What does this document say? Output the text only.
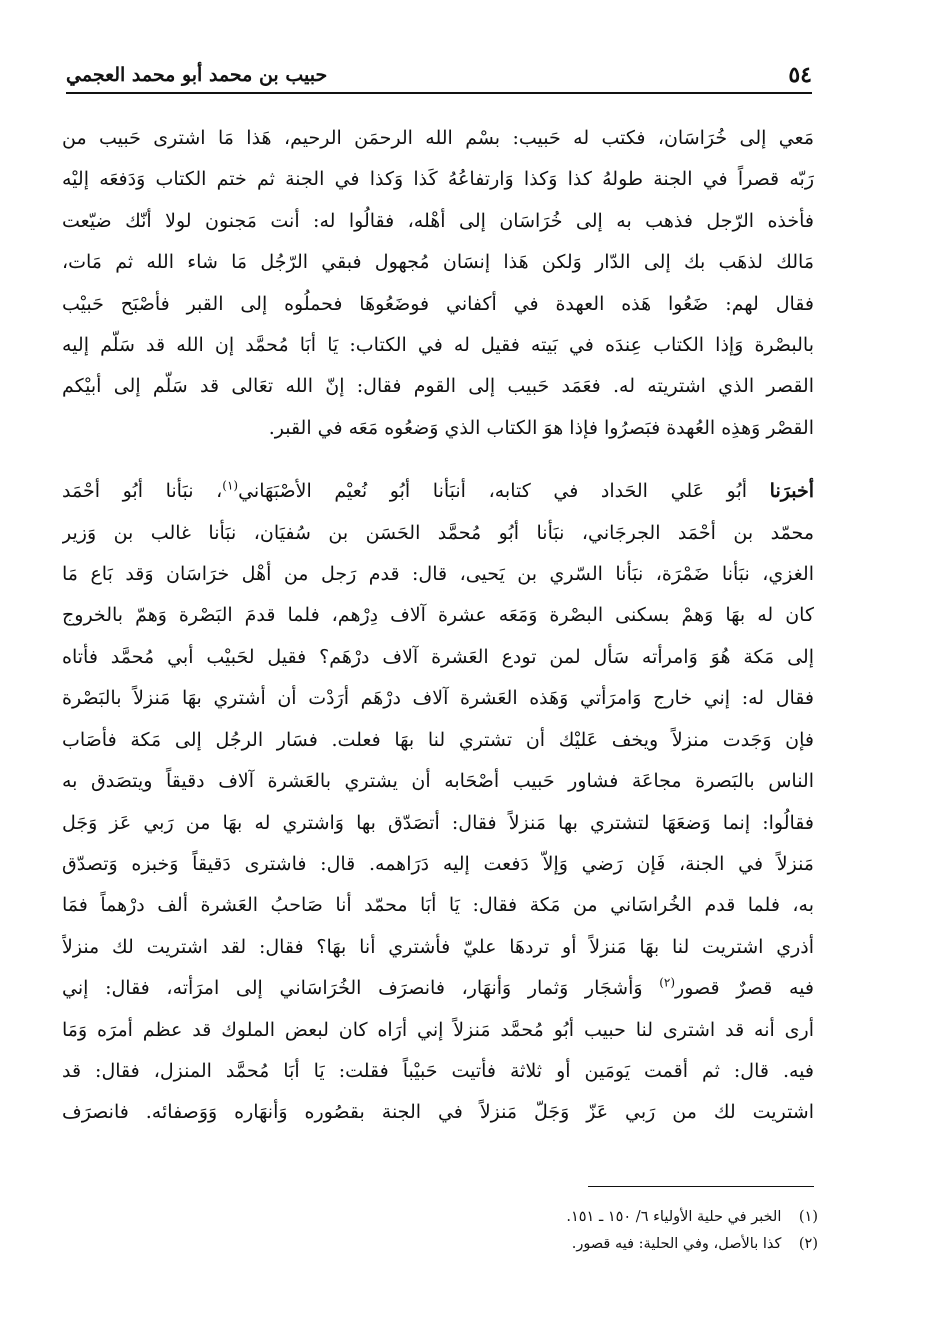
٥٤
حبيب بن محمد أبو محمد العجمي

مَعي إلى خُرَاسَان، فكتب له حَبيب: بسْم الله الرحمَن الرحيم، هَذا مَا اشترى حَبيب من
رَبّه قصراً في الجنة طولهُ كذا وَكذا وَارتفاعُهُ كَذا وَكذا في الجنة ثم ختم الكتاب وَدَفعَه إليْه
فأخذه الرّجل فذهب به إلى خُرَاسَان إلى أهْله، فقالُوا له: أنت مَجنون لولا أنّك ضيّعت
مَالك لذهَب بك إلى الدّار وَلكن هَذا إنسَان مُجهول فبقي الرّجُل مَا شاء الله ثم مَات،
فقال لهم: ضَعُوا هَذه العهدة في أكفاني فوضَعُوهَا فحملُوه إلى القبر فأصْبَح حَبيْب
بالبصْرة وَإذا الكتاب عِندَه في بَيته فقيل له في الكتاب: يَا أبَا مُحمَّد إن الله قد سَلّم إليه
القصر الذي اشتريته له. فعَمَد حَبيب إلى القوم فقال: إنّ الله تعَالى قد سَلّم إلى أبيْكم
القصْر وَهذِه العُهدة فبَصرُوا فإذا هوَ الكتاب الذي وَضعُوه مَعَه في القبر.

أخبرَنا أبُو عَلي الحَداد في كتابه، أنبَأنا أبُو نُعيْم الأصْبَهَاني$^{(١)}$، نبَأنا أبُو أحْمَد
محمّد بن أحْمَد الجرجَاني، نبَأنا أبُو مُحمَّد الحَسَن بن سُفيَان، نبَأنا غالب بن وَزير
الغزي، نبَأنا ضَمْرَة، نبَأنا السّري بن يَحيى، قال: قدم رَجل من أهْل خرَاسَان وَقد بَاع مَا
كان له بهَا وَهمْ بسكنى البصْرة وَمَعَه عشرة آلاف دِرْهم، فلما قدمَ البَصْرة وَهمّ بالخروج
إلى مَكة هُوَ وَامرأته سَأل لمن تودع العَشرة آلاف درْهَم؟ فقيل لحَبيْب أبي مُحمَّد فأتاه
فقال له: إني خارج وَامرَأتي وَهَذه العَشرة آلاف درْهَم أرَدْت أن أشتري بهَا مَنزلاً بالبَصْرة
فإن وَجَدت منزلاً ويخف عَليْك أن تشتري لنا بهَا فعلت. فسَار الرجُل إلى مَكة فأصَاب
الناس بالبَصرة مجاعَة فشاور حَبيب أصْحَابه أن يشتري بالعَشرة آلاف دقيقاً ويتصَدق به
فقالُوا: إنما وَضعَهَا لتشتري بها مَنزلاً فقال: أتصَدّق بها وَاشتري له بهَا من رَبي عَز وَجَل
مَنزلاً في الجنة، فَإن رَضي وَإلاّ دَفعت إليه دَرَاهمه. قال: فاشترى دَقيقاً وَخبزه وَتصدّق
به، فلما قدم الخُراسَاني من مَكة فقال: يَا أبَا محمّد أنا صَاحبُ العَشرة ألف درْهماً فمَا
أذري اشتريت لنا بهَا مَنزلاً أو تردهَا عليّ فأشتري أنا بهَا؟ فقال: لقد اشتريت لك منزلاً
فيه قصرٌ قصور$^{(٢)}$ وَأشجَار وَثمار وَأنهَار، فانصرَف الخُرَاسَاني إلى امرَأته، فقال: إني
أرى أنه قد اشترى لنا حبيب أبُو مُحمَّد مَنزلاً إني أرَاه كان لبعض الملوك قد عظم أمرَه وَمَا
فيه. قال: ثم أقمت يَومَين أو ثلاثة فأتيت حَبيْباً فقلت: يَا أبَا مُحمَّد المنزل، فقال: قد
اشتريت لك من رَبي عَزّ وَجَلّ مَنزلاً في الجنة بقصُوره وَأنهَاره وَوَصفائه. فانصرَف

(١) الخبر في حلية الأولياء ٦/ ١٥٠ ـ ١٥١.
(٢) كذا بالأصل، وفي الحلية: فيه قصور.
